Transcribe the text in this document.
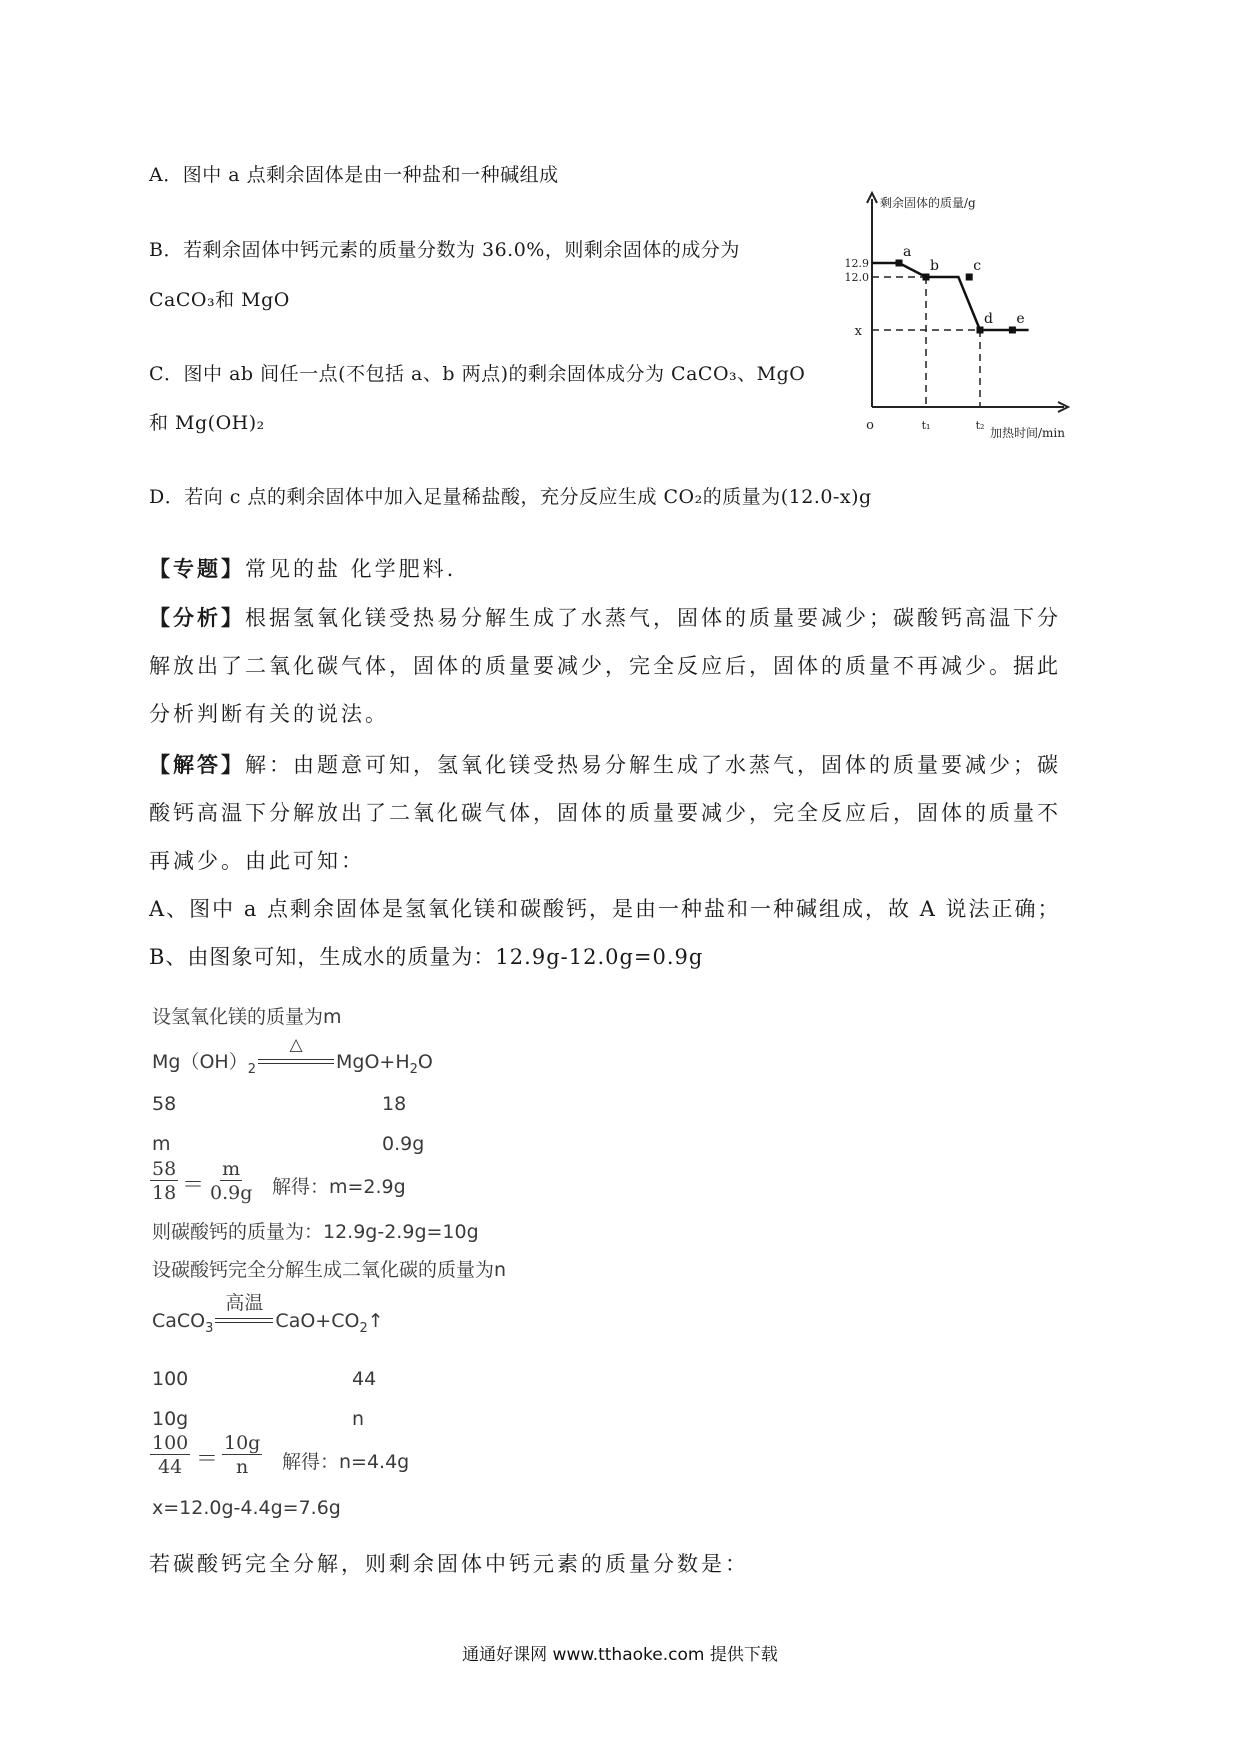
A．图中 a 点剩余固体是由一种盐和一种碱组成
B．若剩余固体中钙元素的质量分数为 36.0%，则剩余固体的成分为
CaCO₃和 MgO
C．图中 ab 间任一点(不包括 a、b 两点)的剩余固体成分为 CaCO₃、MgO
和 Mg(OH)₂
D．若向 c 点的剩余固体中加入足量稀盐酸，充分反应生成 CO₂的质量为(12.0-x)g
剩余固体的质量/g
加热时间/min
o
12.9
12.0
x
t₁	t₂
a
b c
d e
【专题】常见的盐 化学肥料.
【分析】根据氢氧化镁受热易分解生成了水蒸气，固体的质量要减少；碳酸钙高温下分
解放出了二氧化碳气体，固体的质量要减少，完全反应后，固体的质量不再减少。据此
分析判断有关的说法。
【解答】解：由题意可知，氢氧化镁受热易分解生成了水蒸气，固体的质量要减少；碳
酸钙高温下分解放出了二氧化碳气体，固体的质量要减少，完全反应后，固体的质量不
再减少。由此可知：
A、图中 a 点剩余固体是氢氧化镁和碳酸钙，是由一种盐和一种碱组成，故 A 说法正确；
B、由图象可知，生成水的质量为：12.9g-12.0g=0.9g
设氢氧化镁的质量为m
$Mg(OH)_2$
△
$MgO+H_2O$
58	18
m	0.9g
$\frac{58}{18} = \frac{m}{0.9g}$ 解得：m=2.9g
则碳酸钙的质量为：12.9g-2.9g=10g
设碳酸钙完全分解生成二氧化碳的质量为n
CaCO$_3$
高温
$CaO+CO_2↑$
100	44
10g	n
$\frac{100}{44} = \frac{10g}{n}$ 解得：n=4.4g
x=12.0g-4.4g=7.6g
若碳酸钙完全分解，则剩余固体中钙元素的质量分数是：
通通好课网 www.tthaoke.com 提供下载
